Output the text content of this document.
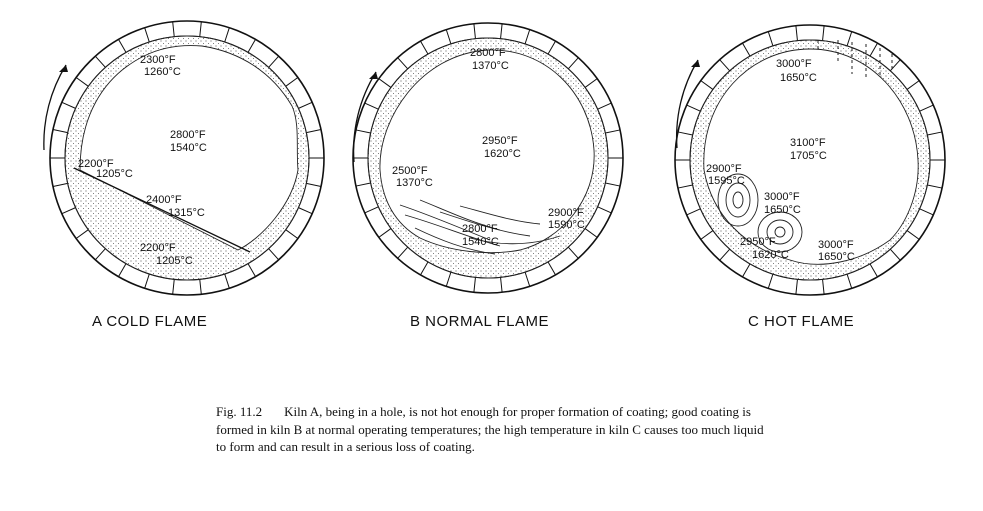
2300°F
1260°C
2800°F
1540°C
2200°F
1205°C
2400°F
1315°C
2200°F
1205°C
2800°F
1370°C
2950°F
1620°C
2500°F
1370°C
2900°F
1590°C
2800°F
1540°C
3000°F
1650°C
3100°F
1705°C
2900°F
1595°C
3000°F
1650°C
2950°F
1620°C
3000°F
1650°C
A COLD FLAME	B NORMAL FLAME	C HOT FLAME
Fig. 11.2 Kiln A, being in a hole, is not hot enough for proper formation of coating; good coating is formed in kiln B at normal operating temperatures; the high temperature in kiln C causes too much liquid to form and can result in a serious loss of coating.
